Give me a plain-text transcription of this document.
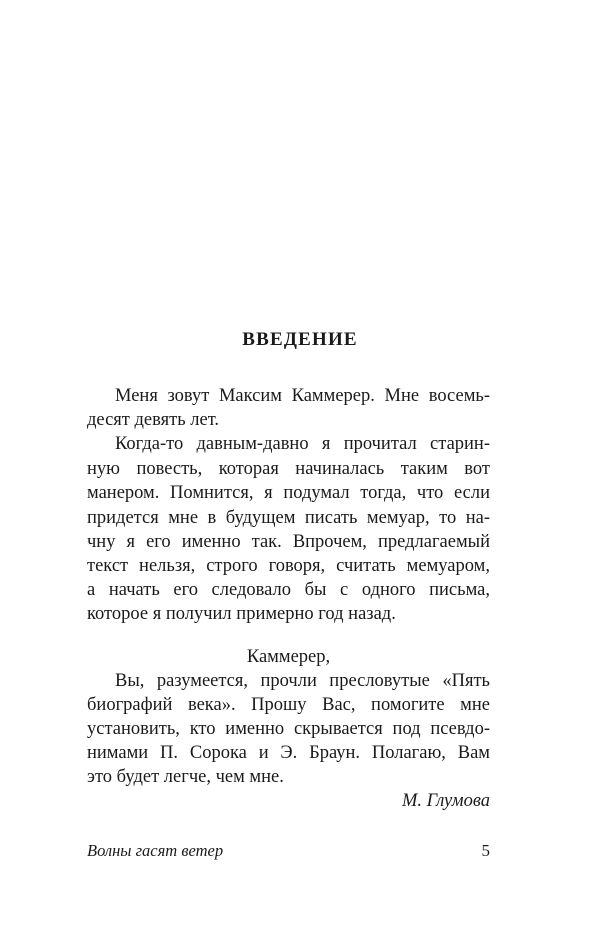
ВВЕДЕНИЕ
Меня зовут Максим Каммерер. Мне восемь-
десят девять лет.
Когда-то давным-давно я прочитал старин-
ную повесть, которая начиналась таким вот
манером. Помнится, я подумал тогда, что если
придется мне в будущем писать мемуар, то на-
чну я его именно так. Впрочем, предлагаемый
текст нельзя, строго говоря, считать мемуаром,
а начать его следовало бы с одного письма,
которое я получил примерно год назад.
Каммерер,
Вы, разумеется, прочли пресловутые «Пять
биографий века». Прошу Вас, помогите мне
установить, кто именно скрывается под псевдо-
нимами П. Сорока и Э. Браун. Полагаю, Вам
это будет легче, чем мне.
М. Глумова
Волны гасят ветер	5
